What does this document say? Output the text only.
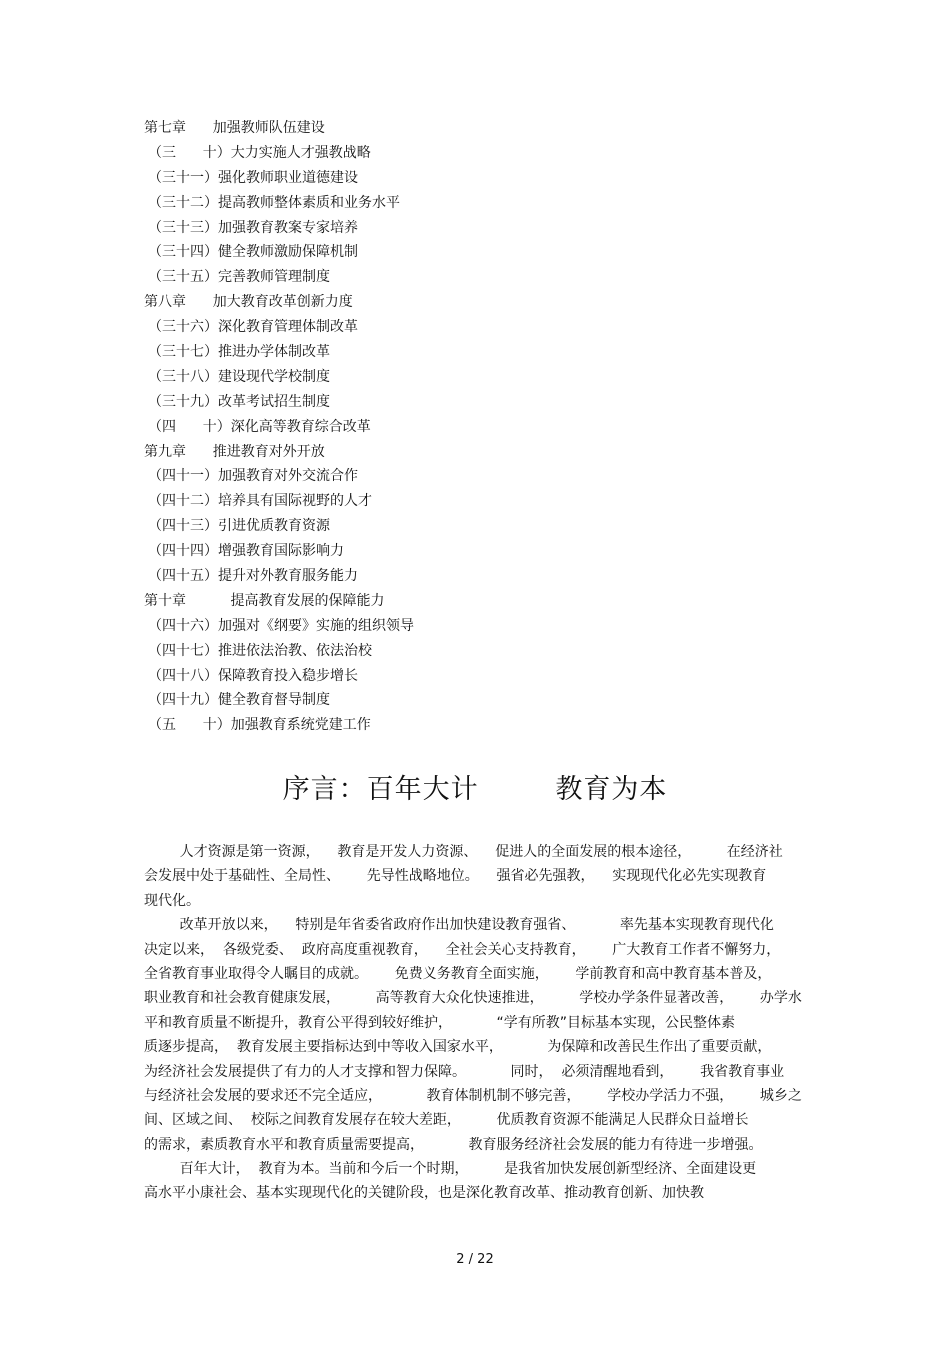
第七章      加强教师队伍建设
（三      十）大力实施人才强教战略
（三十一）强化教师职业道德建设
（三十二）提高教师整体素质和业务水平
（三十三）加强教育教案专家培养
（三十四）健全教师激励保障机制
（三十五）完善教师管理制度
第八章      加大教育改革创新力度
（三十六）深化教育管理体制改革
（三十七）推进办学体制改革
（三十八）建设现代学校制度
（三十九）改革考试招生制度
（四      十）深化高等教育综合改革
第九章      推进教育对外开放
（四十一）加强教育对外交流合作
（四十二）培养具有国际视野的人才
（四十三）引进优质教育资源
（四十四）增强教育国际影响力
（四十五）提升对外教育服务能力
第十章          提高教育发展的保障能力
（四十六）加强对《纲要》实施的组织领导
（四十七）推进依法治教、依法治校
（四十八）保障教育投入稳步增长
（四十九）健全教育督导制度
（五      十）加强教育系统党建工作
序言：百年大计        教育为本
人才资源是第一资源，    教育是开发人力资源、    促进人的全面发展的根本途径，        在经济社
会发展中处于基础性、全局性、      先导性战略地位。    强省必先强教，    实现现代化必先实现教育
现代化。
改革开放以来，    特别是年省委省政府作出加快建设教育强省、          率先基本实现教育现代化
决定以来，  各级党委、  政府高度重视教育，    全社会关心支持教育，      广大教育工作者不懈努力，
全省教育事业取得令人瞩目的成就。      免费义务教育全面实施，      学前教育和高中教育基本普及，
职业教育和社会教育健康发展，        高等教育大众化快速推进，        学校办学条件显著改善，      办学水
平和教育质量不断提升，教育公平得到较好维护，          “学有所教”目标基本实现，公民整体素
质逐步提高，  教育发展主要指标达到中等收入国家水平，          为保障和改善民生作出了重要贡献，
为经济社会发展提供了有力的人才支撑和智力保障。          同时，  必须清醒地看到，      我省教育事业
与经济社会发展的要求还不完全适应，          教育体制机制不够完善，      学校办学活力不强，      城乡之
间、区域之间、  校际之间教育发展存在较大差距，        优质教育资源不能满足人民群众日益增长
的需求，素质教育水平和教育质量需要提高，          教育服务经济社会发展的能力有待进一步增强。
百年大计，  教育为本。当前和今后一个时期，        是我省加快发展创新型经济、全面建设更
高水平小康社会、基本实现现代化的关键阶段，也是深化教育改革、推动教育创新、加快教
2 / 22
